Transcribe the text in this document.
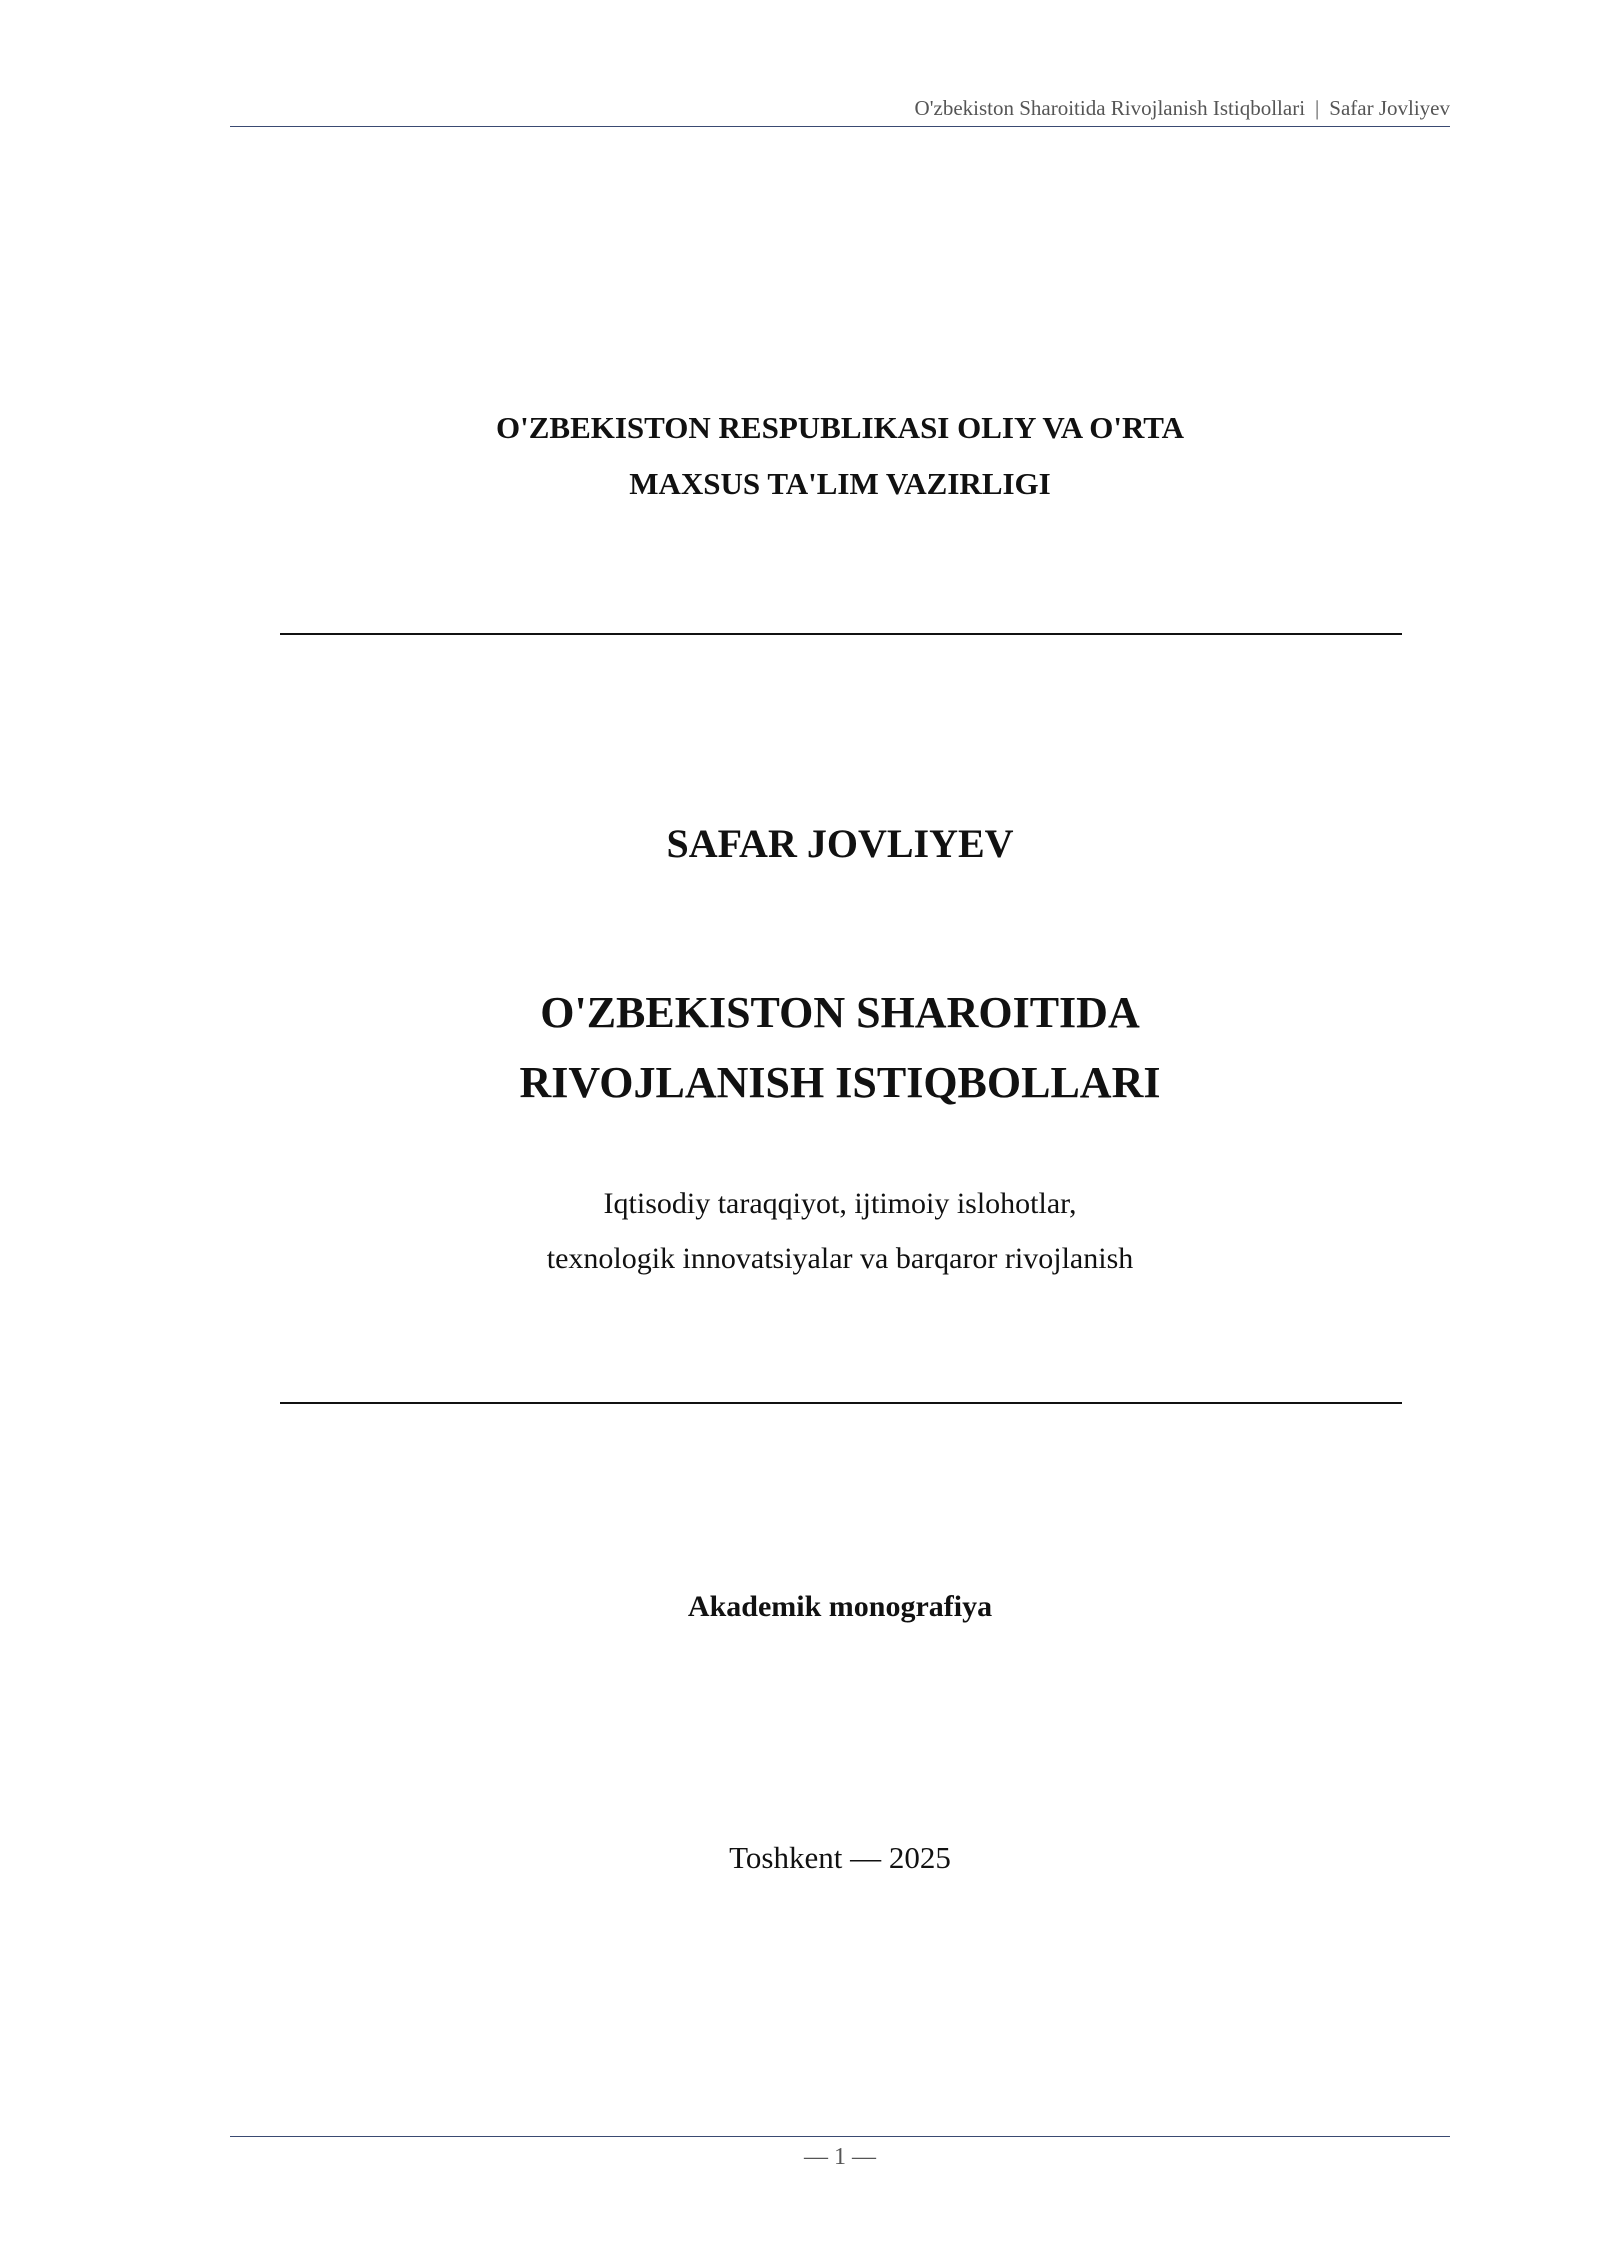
O'zbekiston Sharoitida Rivojlanish Istiqbollari | Safar Jovliyev
O'ZBEKISTON RESPUBLIKASI OLIY VA O'RTA
MAXSUS TA'LIM VAZIRLIGI
SAFAR JOVLIYEV
O'ZBEKISTON SHAROITIDA
RIVOJLANISH ISTIQBOLLARI
Iqtisodiy taraqqiyot, ijtimoiy islohotlar,
texnologik innovatsiyalar va barqaror rivojlanish
Akademik monografiya
Toshkent — 2025
— 1 —
